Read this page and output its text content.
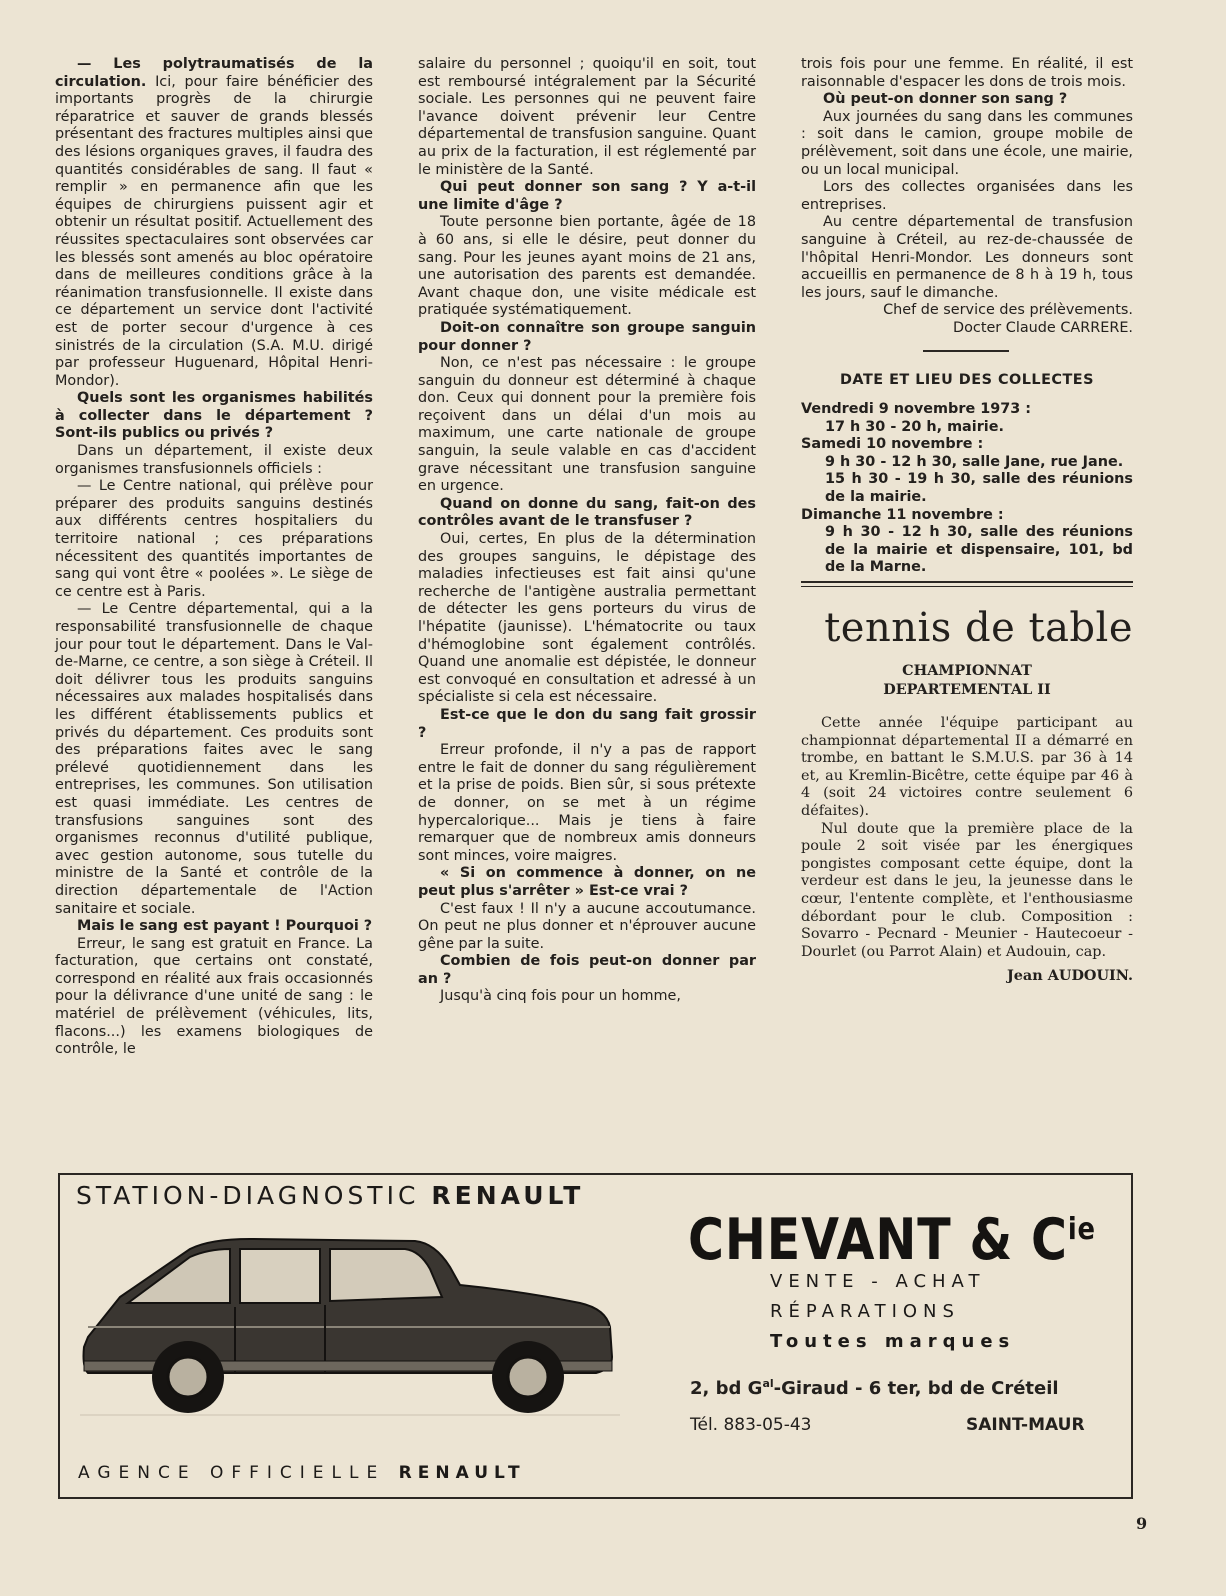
— Les polytraumatisés de la circulation. Ici, pour faire bénéficier des importants progrès de la chirurgie réparatrice et sauver de grands blessés présentant des fractures multiples ainsi que des lésions organiques graves, il faudra des quantités considérables de sang. Il faut « remplir » en permanence afin que les équipes de chirurgiens puissent agir et obtenir un résultat positif. Actuellement des réussites spectaculaires sont observées car les blessés sont amenés au bloc opératoire dans de meilleures conditions grâce à la réanimation transfusionnelle. Il existe dans ce département un service dont l'activité est de porter secour d'urgence à ces sinistrés de la circulation (S.A. M.U. dirigé par professeur Huguenard, Hôpital Henri-Mondor).

Quels sont les organismes habilités à collecter dans le département ? Sont-ils publics ou privés ?

Dans un département, il existe deux organismes transfusionnels officiels :

— Le Centre national, qui prélève pour préparer des produits sanguins destinés aux différents centres hospitaliers du territoire national ; ces préparations nécessitent des quantités importantes de sang qui vont être « poolées ». Le siège de ce centre est à Paris.

— Le Centre départemental, qui a la responsabilité transfusionnelle de chaque jour pour tout le département. Dans le Val-de-Marne, ce centre, a son siège à Créteil. Il doit délivrer tous les produits sanguins nécessaires aux malades hospitalisés dans les différent établissements publics et privés du département. Ces produits sont des préparations faites avec le sang prélevé quotidiennement dans les entreprises, les communes. Son utilisation est quasi immédiate. Les centres de transfusions sanguines sont des organismes reconnus d'utilité publique, avec gestion autonome, sous tutelle du ministre de la Santé et contrôle de la direction départementale de l'Action sanitaire et sociale.

Mais le sang est payant ! Pourquoi ?

Erreur, le sang est gratuit en France. La facturation, que certains ont constaté, correspond en réalité aux frais occasionnés pour la délivrance d'une unité de sang : le matériel de prélèvement (véhicules, lits, flacons...) les examens biologiques de contrôle, le

salaire du personnel ; quoiqu'il en soit, tout est remboursé intégralement par la Sécurité sociale. Les personnes qui ne peuvent faire l'avance doivent prévenir leur Centre départemental de transfusion sanguine. Quant au prix de la facturation, il est réglementé par le ministère de la Santé.

Qui peut donner son sang ? Y a-t-il une limite d'âge ?

Toute personne bien portante, âgée de 18 à 60 ans, si elle le désire, peut donner du sang. Pour les jeunes ayant moins de 21 ans, une autorisation des parents est demandée. Avant chaque don, une visite médicale est pratiquée systématiquement.

Doit-on connaître son groupe sanguin pour donner ?

Non, ce n'est pas nécessaire : le groupe sanguin du donneur est déterminé à chaque don. Ceux qui donnent pour la première fois reçoivent dans un délai d'un mois au maximum, une carte nationale de groupe sanguin, la seule valable en cas d'accident grave nécessitant une transfusion sanguine en urgence.

Quand on donne du sang, fait-on des contrôles avant de le transfuser ?

Oui, certes, En plus de la détermination des groupes sanguins, le dépistage des maladies infectieuses est fait ainsi qu'une recherche de l'antigène australia permettant de détecter les gens porteurs du virus de l'hépatite (jaunisse). L'hématocrite ou taux d'hémoglobine sont également contrôlés. Quand une anomalie est dépistée, le donneur est convoqué en consultation et adressé à un spécialiste si cela est nécessaire.

Est-ce que le don du sang fait grossir ?

Erreur profonde, il n'y a pas de rapport entre le fait de donner du sang régulièrement et la prise de poids. Bien sûr, si sous prétexte de donner, on se met à un régime hypercalorique... Mais je tiens à faire remarquer que de nombreux amis donneurs sont minces, voire maigres.

« Si on commence à donner, on ne peut plus s'arrêter » Est-ce vrai ?

C'est faux ! Il n'y a aucune accoutumance. On peut ne plus donner et n'éprouver aucune gêne par la suite.

Combien de fois peut-on donner par an ?

Jusqu'à cinq fois pour un homme,

trois fois pour une femme. En réalité, il est raisonnable d'espacer les dons de trois mois.

Où peut-on donner son sang ?

Aux journées du sang dans les communes : soit dans le camion, groupe mobile de prélèvement, soit dans une école, une mairie, ou un local municipal.

Lors des collectes organisées dans les entreprises.

Au centre départemental de transfusion sanguine à Créteil, au rez-de-chaussée de l'hôpital Henri-Mondor. Les donneurs sont accueillis en permanence de 8 h à 19 h, tous les jours, sauf le dimanche.

Chef de service des prélèvements.

Docter Claude CARRERE.

DATE ET LIEU DES COLLECTES
Vendredi 9 novembre 1973 :
17 h 30 - 20 h, mairie.
Samedi 10 novembre :
9 h 30 - 12 h 30, salle Jane, rue Jane.
15 h 30 - 19 h 30, salle des réunions de la mairie.
Dimanche 11 novembre :
9 h 30 - 12 h 30, salle des réunions de la mairie et dispensaire, 101, bd de la Marne.
tennis de table
CHAMPIONNAT
DEPARTEMENTAL II

Cette année l'équipe participant au championnat départemental II a démarré en trombe, en battant le S.M.U.S. par 36 à 14 et, au Kremlin-Bicêtre, cette équipe par 46 à 4 (soit 24 victoires contre seulement 6 défaites).

Nul doute que la première place de la poule 2 soit visée par les énergiques pongistes composant cette équipe, dont la verdeur est dans le jeu, la jeunesse dans le cœur, l'entente complète, et l'enthousiasme débordant pour le club. Composition : Sovarro - Pecnard - Meunier - Hautecoeur - Dourlet (ou Parrot Alain) et Audouin, cap.

Jean AUDOUIN.
STATION-DIAGNOSTIC RENAULT
AGENCE OFFICIELLE RENAULT
CHEVANT & $C^{ie}$
VENTE - ACHAT
RÉPARATIONS
Toutes marques
2, bd $G^{al}$-Giraud - 6 ter, bd de Créteil
Tél. 883-05-43	SAINT-MAUR
9
